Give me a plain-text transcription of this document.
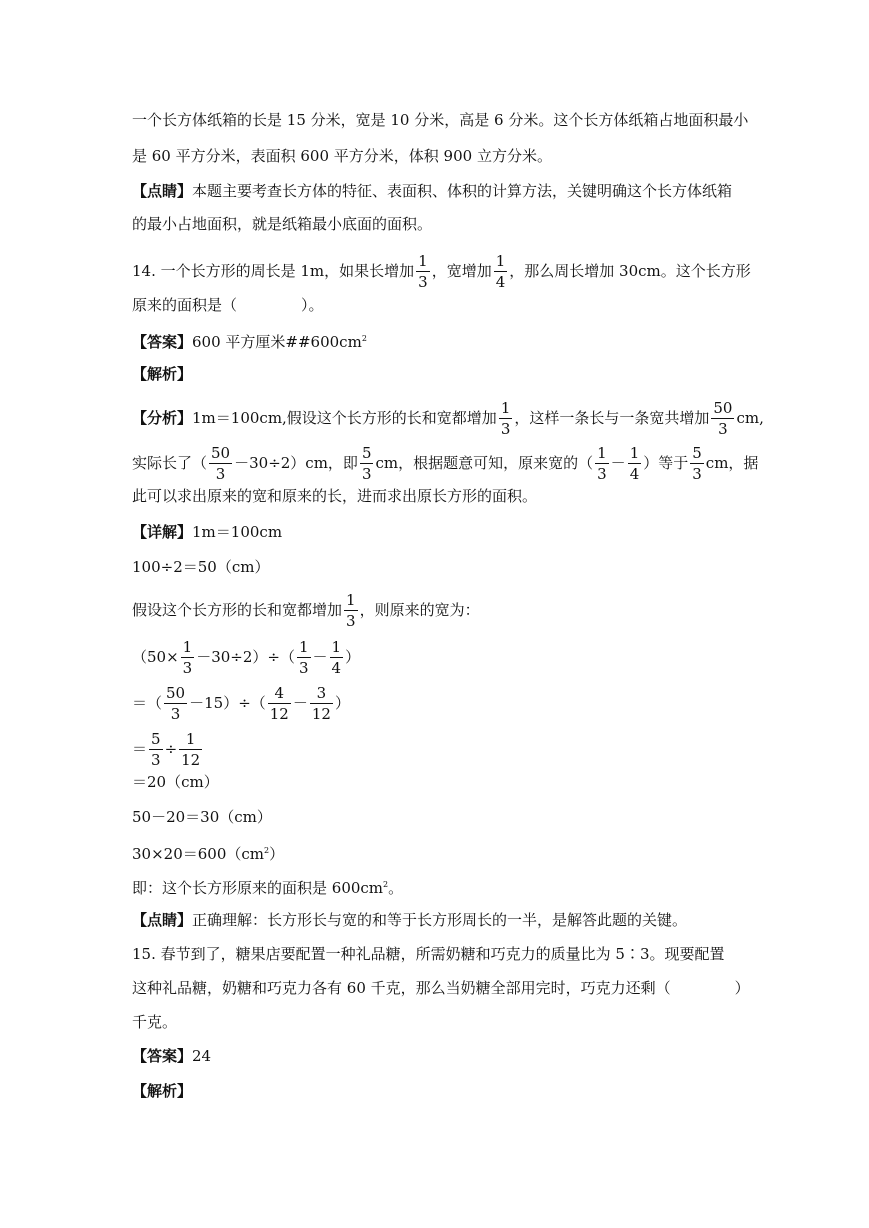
一个长方体纸箱的长是 15 分米，宽是 10 分米，高是 6 分米。这个长方体纸箱占地面积最小
是 60 平方分米，表面积 600 平方分米，体积 900 立方分米。
【点睛】本题主要考查长方体的特征、表面积、体积的计算方法，关键明确这个长方体纸箱
的最小占地面积，就是纸箱最小底面的面积。
14. 一个长方形的周长是 1m，如果长增加 $\frac{1}{3}$ ，宽增加 $\frac{1}{4}$ ，那么周长增加 30cm。这个长方形
原来的面积是（	）。
【答案】600 平方厘米$\#\#600cm^2$
【解析】
【分析】1m＝100cm,假设这个长方形的长和宽都增加 $\frac{1}{3}$ ，这样一条长与一条宽共增加 $\frac{50}{3}$ cm,
实际长了（ $\frac{50}{3} -30\div 2)cm$，即 $\frac{5}{3}$ cm，根据题意可知，原来宽的（ $\frac{1}{3} - \frac{1}{4}$ ）等于 $\frac{5}{3}$ cm，据
此可以求出原来的宽和原来的长，进而求出原长方形的面积。
【详解】1m＝100cm
100÷2＝50（cm）
假设这个长方形的长和宽都增加 $\frac{1}{3}$ ，则原来的宽为：
$(50\times \frac{1}{3} -30\div 2)\div( \frac{1}{3} - \frac{1}{4}$ ）
＝（ $\frac{50}{3} -15)\div( \frac{4}{12} - \frac{3}{12}$ ）
＝ $\frac{5}{3} \div \frac{1}{12}$
＝20（cm）
50－20＝30（cm）
$30\times 20=600(cm^2)$
即：这个长方形原来的面积是 $600cm^2$。
【点睛】正确理解：长方形长与宽的和等于长方形周长的一半，是解答此题的关键。
15. 春节到了，糖果店要配置一种礼品糖，所需奶糖和巧克力的质量比为 5∶3。现要配置
这种礼品糖，奶糖和巧克力各有 60 千克，那么当奶糖全部用完时，巧克力还剩（	）
千克。
【答案】24
【解析】
